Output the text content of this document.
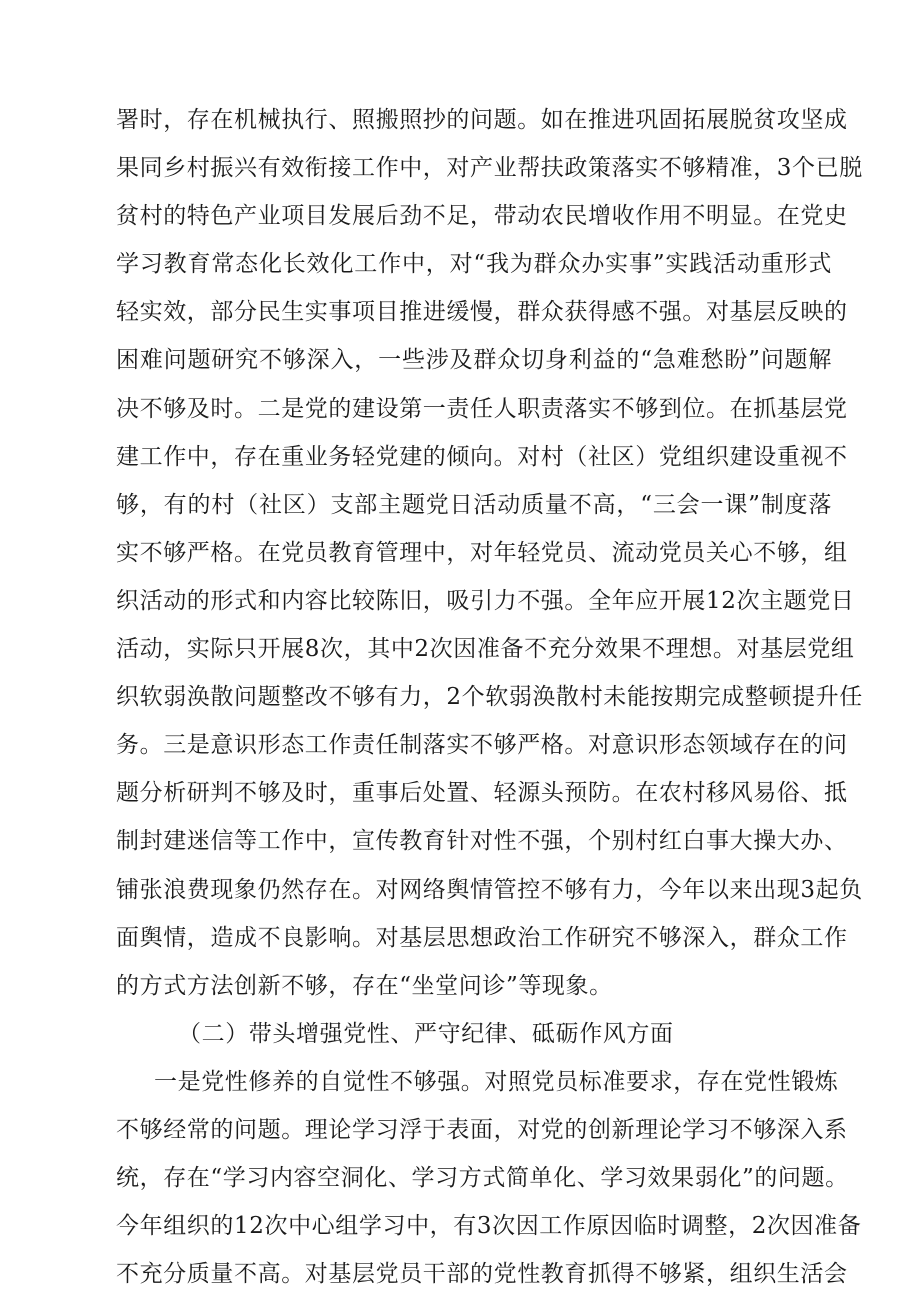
署时，存在机械执行、照搬照抄的问题。如在推进巩固拓展脱贫攻坚成
果同乡村振兴有效衔接工作中，对产业帮扶政策落实不够精准，3个已脱
贫村的特色产业项目发展后劲不足，带动农民增收作用不明显。在党史
学习教育常态化长效化工作中，对“我为群众办实事”实践活动重形式
轻实效，部分民生实事项目推进缓慢，群众获得感不强。对基层反映的
困难问题研究不够深入，一些涉及群众切身利益的“急难愁盼”问题解
决不够及时。二是党的建设第一责任人职责落实不够到位。在抓基层党
建工作中，存在重业务轻党建的倾向。对村（社区）党组织建设重视不
够，有的村（社区）支部主题党日活动质量不高，“三会一课”制度落
实不够严格。在党员教育管理中，对年轻党员、流动党员关心不够，组
织活动的形式和内容比较陈旧，吸引力不强。全年应开展12次主题党日
活动，实际只开展8次，其中2次因准备不充分效果不理想。对基层党组
织软弱涣散问题整改不够有力，2个软弱涣散村未能按期完成整顿提升任
务。三是意识形态工作责任制落实不够严格。对意识形态领域存在的问
题分析研判不够及时，重事后处置、轻源头预防。在农村移风易俗、抵
制封建迷信等工作中，宣传教育针对性不强，个别村红白事大操大办、
铺张浪费现象仍然存在。对网络舆情管控不够有力，今年以来出现3起负
面舆情，造成不良影响。对基层思想政治工作研究不够深入，群众工作
的方式方法创新不够，存在“坐堂问诊”等现象。
（二）带头增强党性、严守纪律、砥砺作风方面
一是党性修养的自觉性不够强。对照党员标准要求，存在党性锻炼
不够经常的问题。理论学习浮于表面，对党的创新理论学习不够深入系
统，存在“学习内容空洞化、学习方式简单化、学习效果弱化”的问题。
今年组织的12次中心组学习中，有3次因工作原因临时调整，2次因准备
不充分质量不高。对基层党员干部的党性教育抓得不够紧，组织生活会
